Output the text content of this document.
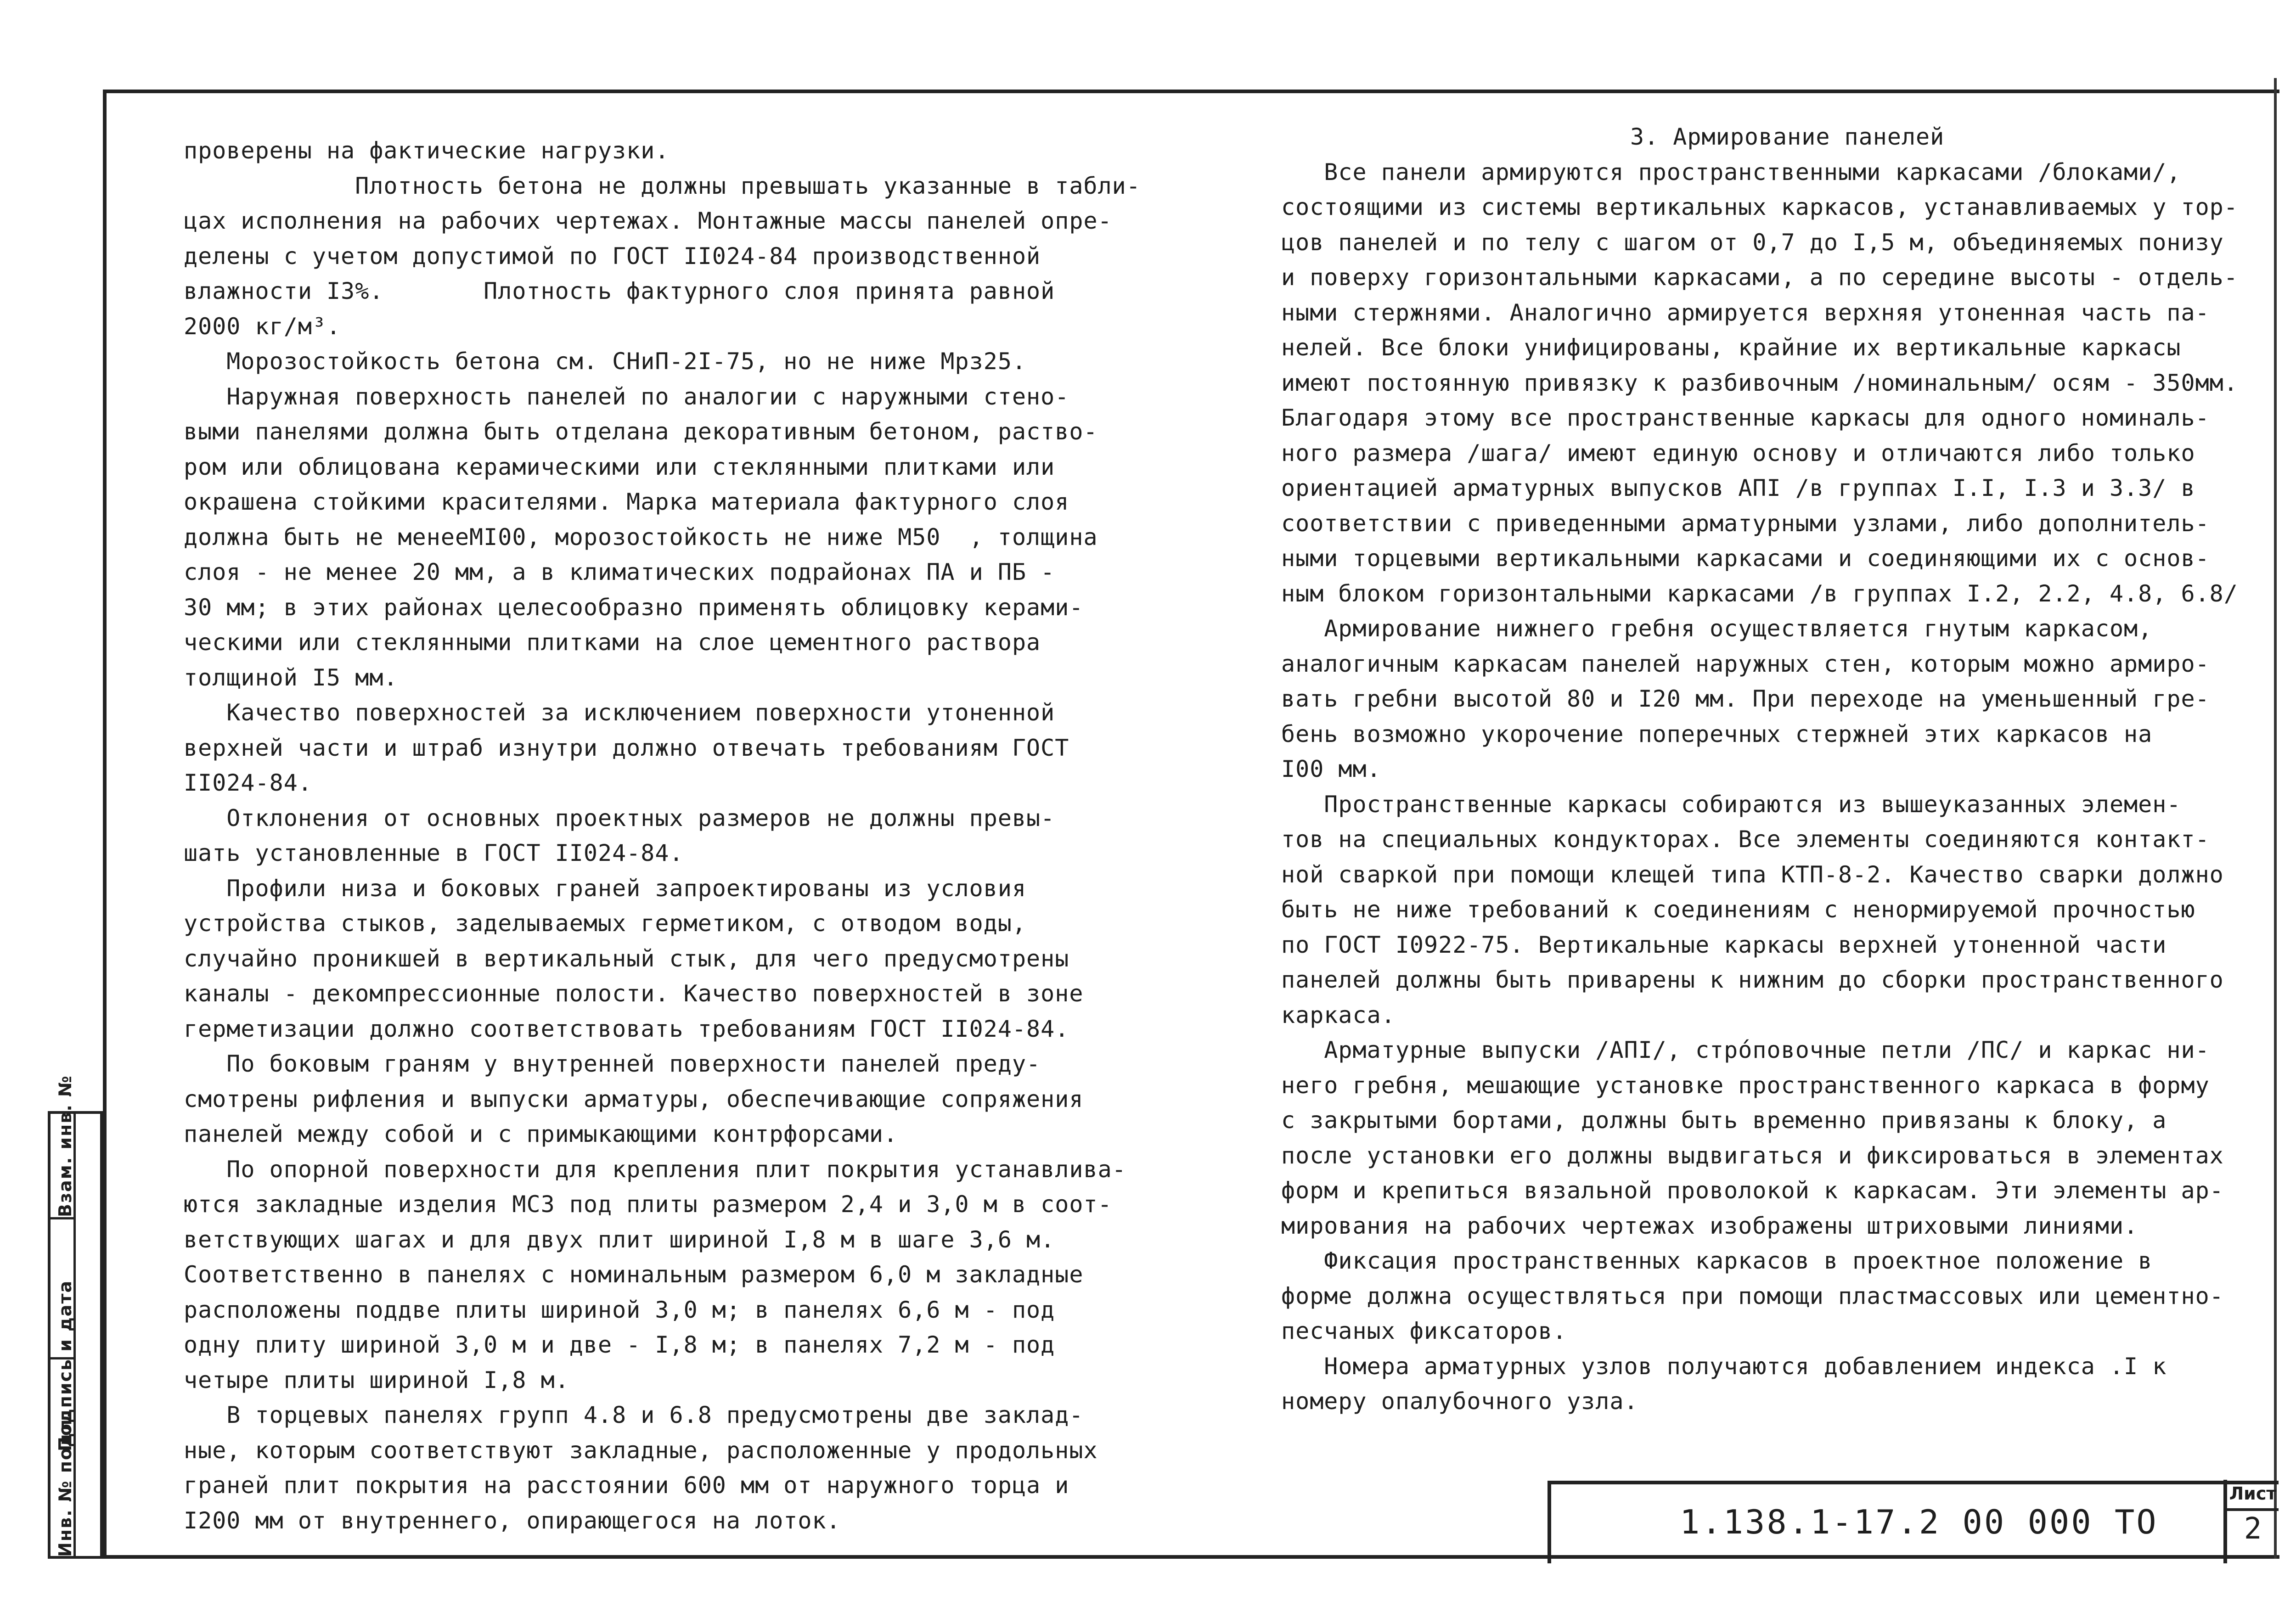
Инв. № подл.
Подпись и дата
Взам. инв. №

проверены на фактические нагрузки.

Плотность бетона не должны превышать указанные в табли-

цах исполнения на рабочих чертежах. Монтажные массы панелей опре-

делены с учетом допустимой по ГОСТ II024-84 производственной

влажности I3%.       Плотность фактурного слоя принята равной

2000 кг/м³.

Морозостойкость бетона см. СНиП-2I-75, но не ниже Мрз25.

Наружная поверхность панелей по аналогии с наружными стено-

выми панелями должна быть отделана декоративным бетоном, раство-

ром или облицована керамическими или стеклянными плитками или

окрашена стойкими красителями. Марка материала фактурного слоя

должна быть не менееМI00, морозостойкость не ниже М50  , толщина

слоя - не менее 20 мм, а в климатических подрайонах ПА и ПБ -

30 мм; в этих районах целесообразно применять облицовку керами-

ческими или стеклянными плитками на слое цементного раствора

толщиной I5 мм.

Качество поверхностей за исключением поверхности утоненной

верхней части и штраб изнутри должно отвечать требованиям ГОСТ

II024-84.

Отклонения от основных проектных размеров не должны превы-

шать установленные в ГОСТ II024-84.

Профили низа и боковых граней запроектированы из условия

устройства стыков, заделываемых герметиком, с отводом воды,

случайно проникшей в вертикальный стык, для чего предусмотрены

каналы - декомпрессионные полости. Качество поверхностей в зоне

герметизации должно соответствовать требованиям ГОСТ II024-84.

По боковым граням у внутренней поверхности панелей преду-

смотрены рифления и выпуски арматуры, обеспечивающие сопряжения

панелей между собой и с примыкающими контрфорсами.

По опорной поверхности для крепления плит покрытия устанавлива-

ются закладные изделия МС3 под плиты размером 2,4 и 3,0 м в соот-

ветствующих шагах и для двух плит шириной I,8 м в шаге 3,6 м.

Соответственно в панелях с номинальным размером 6,0 м закладные

расположены поддве плиты шириной 3,0 м; в панелях 6,6 м - под

одну плиту шириной 3,0 м и две - I,8 м; в панелях 7,2 м - под

четыре плиты шириной I,8 м.

В торцевых панелях групп 4.8 и 6.8 предусмотрены две заклад-

ные, которым соответствуют закладные, расположенные у продольных

граней плит покрытия на расстоянии 600 мм от наружного торца и

I200 мм от внутреннего, опирающегося на лоток.

3. Армирование панелей

Все панели армируются пространственными каркасами /блоками/,

состоящими из системы вертикальных каркасов, устанавливаемых у тор-

цов панелей и по телу с шагом от 0,7 до I,5 м, объединяемых понизу

и поверху горизонтальными каркасами, а по середине высоты - отдель-

ными стержнями. Аналогично армируется верхняя утоненная часть па-

нелей. Все блоки унифицированы, крайние их вертикальные каркасы

имеют постоянную привязку к разбивочным /номинальным/ осям - 350мм.

Благодаря этому все пространственные каркасы для одного номиналь-

ного размера /шага/ имеют единую основу и отличаются либо только

ориентацией арматурных выпусков АПI /в группах I.I, I.3 и 3.3/ в

соответствии с приведенными арматурными узлами, либо дополнитель-

ными торцевыми вертикальными каркасами и соединяющими их с основ-

ным блоком горизонтальными каркасами /в группах I.2, 2.2, 4.8, 6.8/

Армирование нижнего гребня осуществляется гнутым каркасом,

аналогичным каркасам панелей наружных стен, которым можно армиро-

вать гребни высотой 80 и I20 мм. При переходе на уменьшенный гре-

бень возможно укорочение поперечных стержней этих каркасов на

I00 мм.

Пространственные каркасы собираются из вышеуказанных элемен-

тов на специальных кондукторах. Все элементы соединяются контакт-

ной сваркой при помощи клещей типа КТП-8-2. Качество сварки должно

быть не ниже требований к соединениям с ненормируемой прочностью

по ГОСТ I0922-75. Вертикальные каркасы верхней утоненной части

панелей должны быть приварены к нижним до сборки пространственного

каркаса.

Арматурные выпуски /АПI/, стро́повочные петли /ПС/ и каркас ни-

него гребня, мешающие установке пространственного каркаса в форму

с закрытыми бортами, должны быть временно привязаны к блоку, а

после установки его должны выдвигаться и фиксироваться в элементах

форм и крепиться вязальной проволокой к каркасам. Эти элементы ар-

мирования на рабочих чертежах изображены штриховыми линиями.

Фиксация пространственных каркасов в проектное положение в

форме должна осуществляться при помощи пластмассовых или цементно-

песчаных фиксаторов.

Номера арматурных узлов получаются добавлением индекса .I к

номеру опалубочного узла.

1.138.1-17.2 00 000 ТО
Лист
2
